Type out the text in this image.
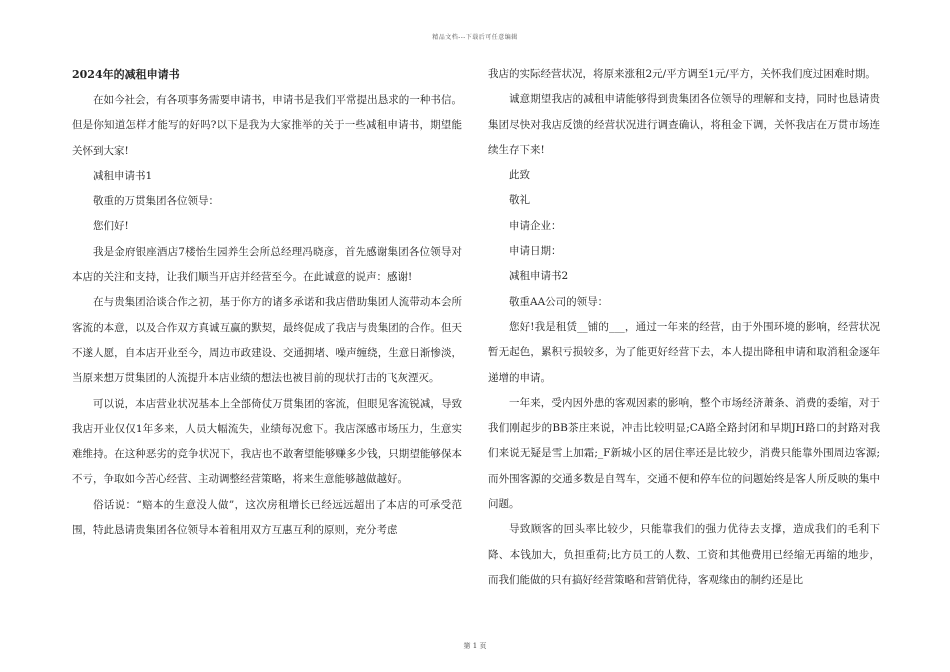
精品文档---下载后可任意编辑

2024年的减租申请书

在如今社会，有各项事务需要申请书，申请书是我们平常提出恳求的一种书信。但是你知道怎样才能写的好吗?以下是我为大家推举的关于一些减租申请书，期望能关怀到大家!

减租申请书1

敬重的万贯集团各位领导：

您们好!

我是金府银座酒店7楼怡生园养生会所总经理冯晓彦，首先感谢集团各位领导对本店的关注和支持，让我们顺当开店并经营至今。在此诚意的说声：感谢!

在与贵集团洽谈合作之初，基于你方的诸多承诺和我店借助集团人流带动本会所客流的本意，以及合作双方真诚互赢的默契，最终促成了我店与贵集团的合作。但天不遂人愿，自本店开业至今，周边市政建设、交通拥堵、噪声缠绕，生意日渐惨淡，当原来想万贯集团的人流提升本店业绩的想法也被目前的现状打击的飞灰湮灭。

可以说，本店营业状况基本上全部倚仗万贯集团的客流，但眼见客流锐减，导致我店开业仅仅1年多来，人员大幅流失，业绩每况愈下。我店深感市场压力，生意实难维持。在这种恶劣的竞争状况下，我店也不敢奢望能够赚多少钱，只期望能够保本不亏，争取如今苦心经营、主动调整经营策略，将来生意能够越做越好。

俗话说：“赔本的生意没人做”，这次房租增长已经远远超出了本店的可承受范围，特此恳请贵集团各位领导本着租用双方互惠互利的原则，充分考虑

我店的实际经营状况，将原来涨租2元/平方调至1元/平方，关怀我们度过困难时期。

诚意期望我店的减租申请能够得到贵集团各位领导的理解和支持，同时也恳请贵集团尽快对我店反馈的经营状况进行调查确认，将租金下调，关怀我店在万贯市场连续生存下来!

此致

敬礼

申请企业：

申请日期：

减租申请书2

敬重AA公司的领导：

您好!我是租赁__铺的___，通过一年来的经营，由于外围环境的影响，经营状况暂无起色，累积亏损较多，为了能更好经营下去，本人提出降租申请和取消租金逐年递增的申请。

一年来，受内因外患的客观因素的影响，整个市场经济萧条、消费的委缩，对于我们刚起步的BB茶庄来说，冲击比较明显;CA路全路封闭和早期JH路口的封路对我们来说无疑是雪上加霜;_F新城小区的居住率还是比较少，消费只能靠外围周边客源;而外围客源的交通多数是自驾车，交通不便和停车位的问题始终是客人所反映的集中问题。

导致顾客的回头率比较少，只能靠我们的强力优待去支撑，造成我们的毛利下降、本钱加大，负担重荷;比方员工的人数、工资和其他费用已经缩无再缩的地步，而我们能做的只有搞好经营策略和营销优待，客观缘由的制约还是比

第 1 页
